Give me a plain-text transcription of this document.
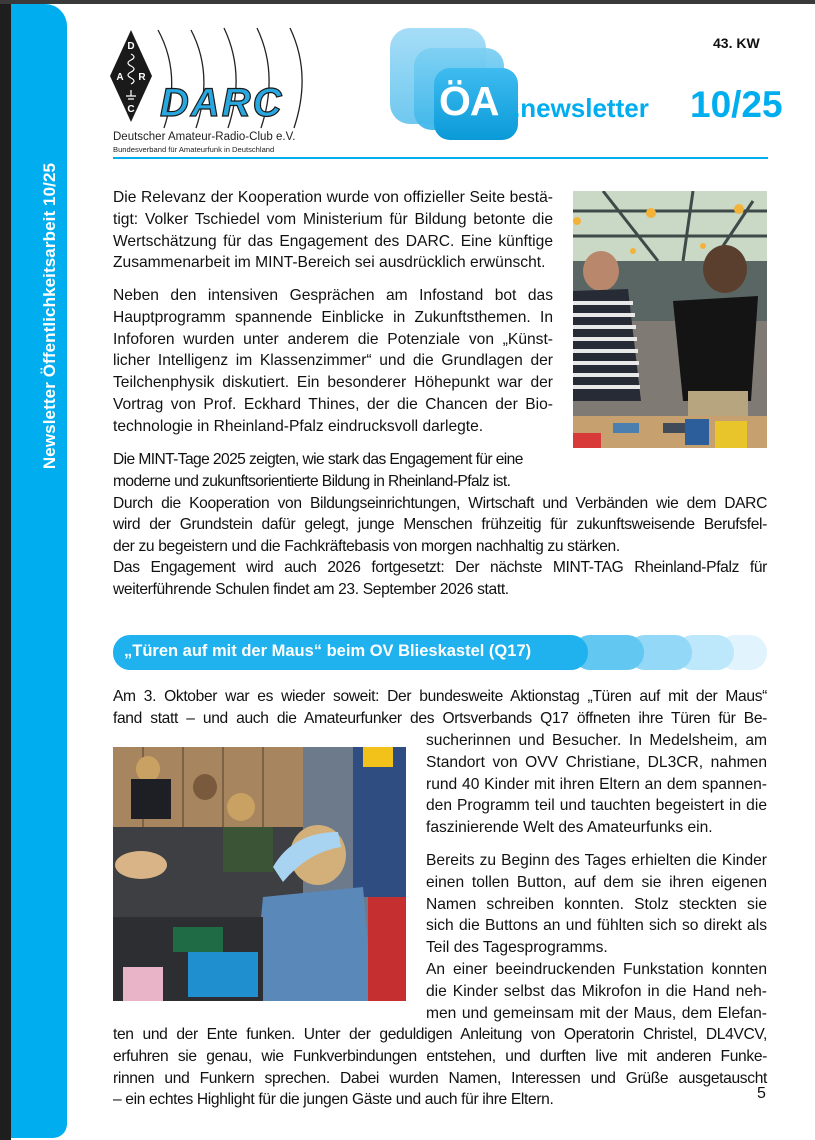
Newsletter Öffentlichkeitsarbeit 10/25
D
A R
C DARC
Deutscher Amateur-Radio-Club e.V.
Bundesverband für Amateurfunk in Deutschland
ÖA .newsletter 10/25
43. KW
Die Relevanz der Kooperation wurde von offizieller Seite bestä-
tigt: Volker Tschiedel vom Ministerium für Bildung betonte die
Wertschätzung für das Engagement des DARC. Eine künftige
Zusammenarbeit im MINT-Bereich sei ausdrücklich erwünscht.
Neben den intensiven Gesprächen am Infostand bot das
Hauptprogramm spannende Einblicke in Zukunftsthemen. In
Infoforen wurden unter anderem die Potenziale von „Künst-
licher Intelligenz im Klassenzimmer“ und die Grundlagen der
Teilchenphysik diskutiert. Ein besonderer Höhepunkt war der
Vortrag von Prof. Eckhard Thines, der die Chancen der Bio-
technologie in Rheinland-Pfalz eindrucksvoll darlegte.
Die MINT-Tage 2025 zeigten, wie stark das Engagement für eine
moderne und zukunftsorientierte Bildung in Rheinland-Pfalz ist.
Durch die Kooperation von Bildungseinrichtungen, Wirtschaft und Verbänden wie dem DARC
wird der Grundstein dafür gelegt, junge Menschen frühzeitig für zukunftsweisende Berufsfel-
der zu begeistern und die Fachkräftebasis von morgen nachhaltig zu stärken.
Das Engagement wird auch 2026 fortgesetzt: Der nächste MINT-TAG Rheinland-Pfalz für
weiterführende Schulen findet am 23. September 2026 statt.
„Türen auf mit der Maus“ beim OV Blieskastel (Q17)
Am 3. Oktober war es wieder soweit: Der bundesweite Aktionstag „Türen auf mit der Maus“
fand statt – und auch die Amateurfunker des Ortsverbands Q17 öffneten ihre Türen für Be-
sucherinnen und Besucher. In Medelsheim, am
Standort von OVV Christiane, DL3CR, nahmen
rund 40 Kinder mit ihren Eltern an dem spannen-
den Programm teil und tauchten begeistert in die
faszinierende Welt des Amateurfunks ein.
Bereits zu Beginn des Tages erhielten die Kinder
einen tollen Button, auf dem sie ihren eigenen
Namen schreiben konnten. Stolz steckten sie
sich die Buttons an und fühlten sich so direkt als
Teil des Tagesprogramms.
An einer beeindruckenden Funkstation konnten
die Kinder selbst das Mikrofon in die Hand neh-
men und gemeinsam mit der Maus, dem Elefan-
ten und der Ente funken. Unter der geduldigen Anleitung von Operatorin Christel, DL4VCV,
erfuhren sie genau, wie Funkverbindungen entstehen, und durften live mit anderen Funke-
rinnen und Funkern sprechen. Dabei wurden Namen, Interessen und Grüße ausgetauscht
– ein echtes Highlight für die jungen Gäste und auch für ihre Eltern.	5
